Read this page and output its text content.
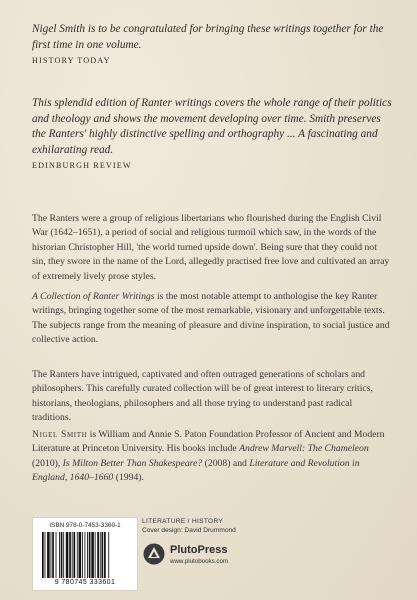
Nigel Smith is to be congratulated for bringing these writings together for the first time in one volume.

HISTORY TODAY

This splendid edition of Ranter writings covers the whole range of their politics and theology and shows the movement developing over time. Smith preserves the Ranters' highly distinctive spelling and orthography ... A fascinating and exhilarating read.

EDINBURGH REVIEW

The Ranters were a group of religious libertarians who flourished during the English Civil War (1642–1651), a period of social and religious turmoil which saw, in the words of the historian Christopher Hill, 'the world turned upside down'. Being sure that they could not sin, they swore in the name of the Lord, allegedly practised free love and cultivated an array of extremely lively prose styles.

A Collection of Ranter Writings is the most notable attempt to anthologise the key Ranter writings, bringing together some of the most remarkable, visionary and unforgettable texts. The subjects range from the meaning of pleasure and divine inspiration, to social justice and collective action.

The Ranters have intrigued, captivated and often outraged generations of scholars and philosophers. This carefully curated collection will be of great interest to literary critics, historians, theologians, philosophers and all those trying to understand past radical traditions.

Nigel Smith is William and Annie S. Paton Foundation Professor of Ancient and Modern Literature at Princeton University. His books include Andrew Marvell: The Chameleon (2010), Is Milton Better Than Shakespeare? (2008) and Literature and Revolution in England, 1640–1660 (1994).

ISBN 978-0-7453-3360-1
9 780745 333601
LITERATURE / HISTORY
Cover design: David Drummond
PlutoPress
www.plutobooks.com
